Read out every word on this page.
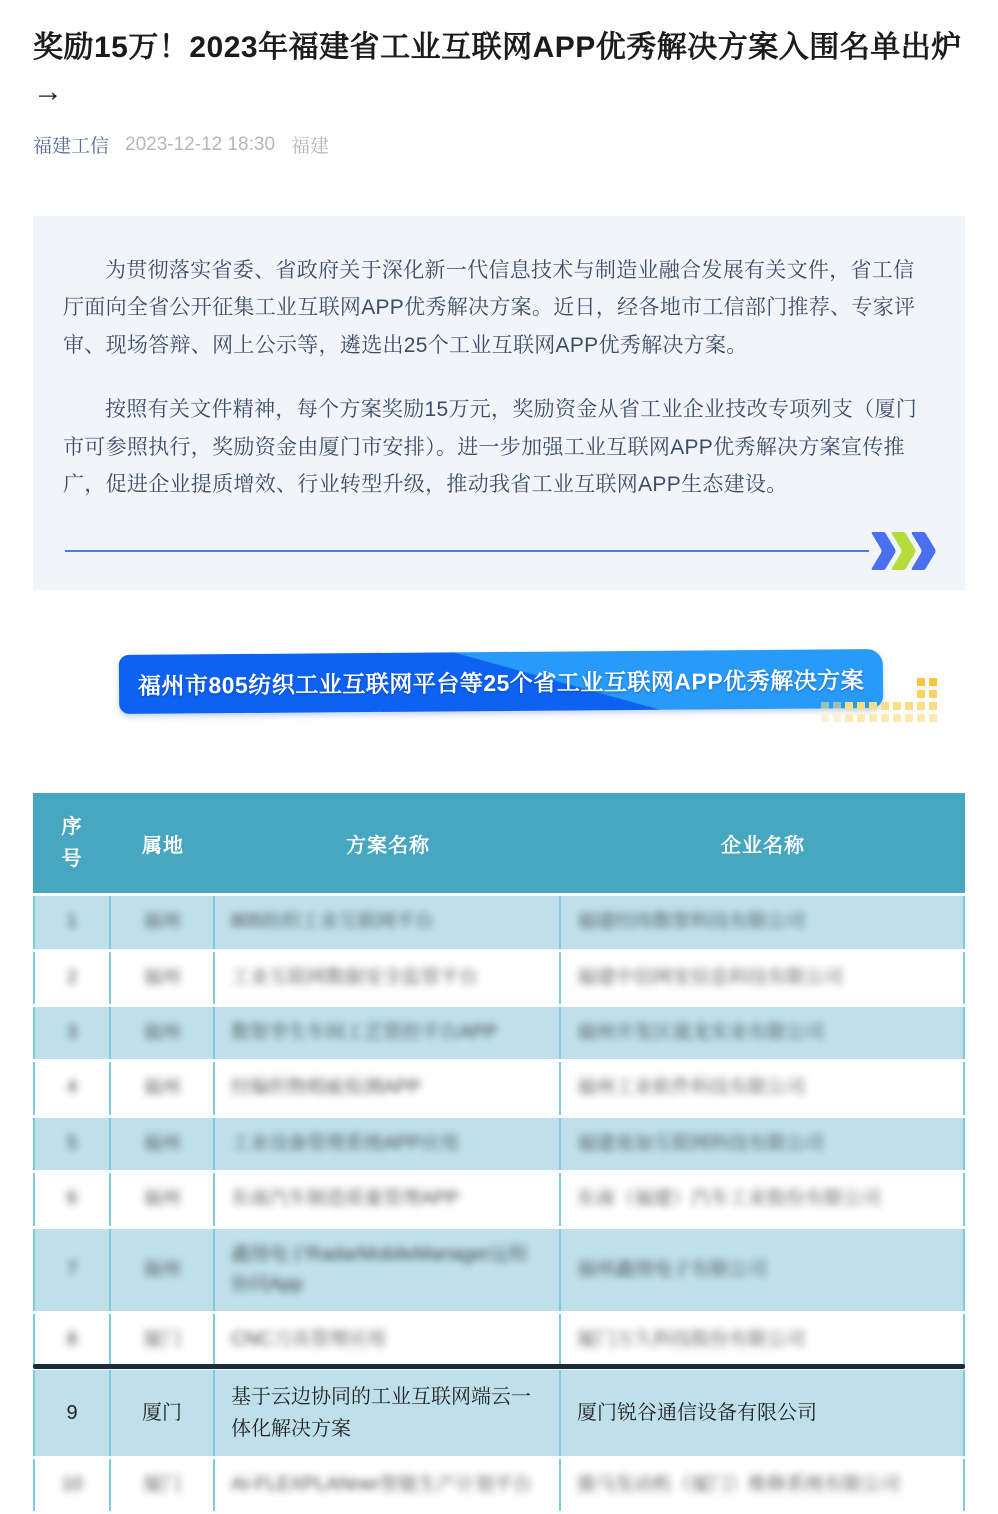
奖励15万！2023年福建省工业互联网APP优秀解决方案入围名单出炉→
福建工信 2023-12-12 18:30 福建

为贯彻落实省委、省政府关于深化新一代信息技术与制造业融合发展有关文件，省工信厅面向全省公开征集工业互联网APP优秀解决方案。近日，经各地市工信部门推荐、专家评审、现场答辩、网上公示等，遴选出25个工业互联网APP优秀解决方案。

按照有关文件精神，每个方案奖励15万元，奖励资金从省工业企业技改专项列支（厦门市可参照执行，奖励资金由厦门市安排）。进一步加强工业互联网APP优秀解决方案宣传推广，促进企业提质增效、行业转型升级，推动我省工业互联网APP生态建设。

福州市805纺织工业互联网平台等25个省工业互联网APP优秀解决方案
序号	属地	方案名称	企业名称
1	福州	805纺织工业互联网平台	福建经纬数智科技有限公司
2	福州	工业互联网数据安全监管平台	福建中信网安信息科技有限公司
3	福州	数智孪生车间工艺管控平台APP	福州开发区晟龙实业有限公司
4	福州	经编织物瑕疵检测APP	福州工业软件科技有限公司
5	福州	工业设备管理系统APP应用	福建易加互联网科技有限公司
6	福州	东南汽车制造质量管理APP	东南（福建）汽车工业股份有限公司
7	福州	鑫图电子RadarMobileManager远程协同App	福州鑫图电子有限公司
8	厦门	CNC刀具管理应用	厦门万久科技股份有限公司
9	厦门	基于云边协同的工业互联网端云一体化解决方案	厦门锐谷通信设备有限公司
10	厦门	AI-FLEXPLANner智能生产计划平台	骏马发动机（厦门）维修系统有限公司
